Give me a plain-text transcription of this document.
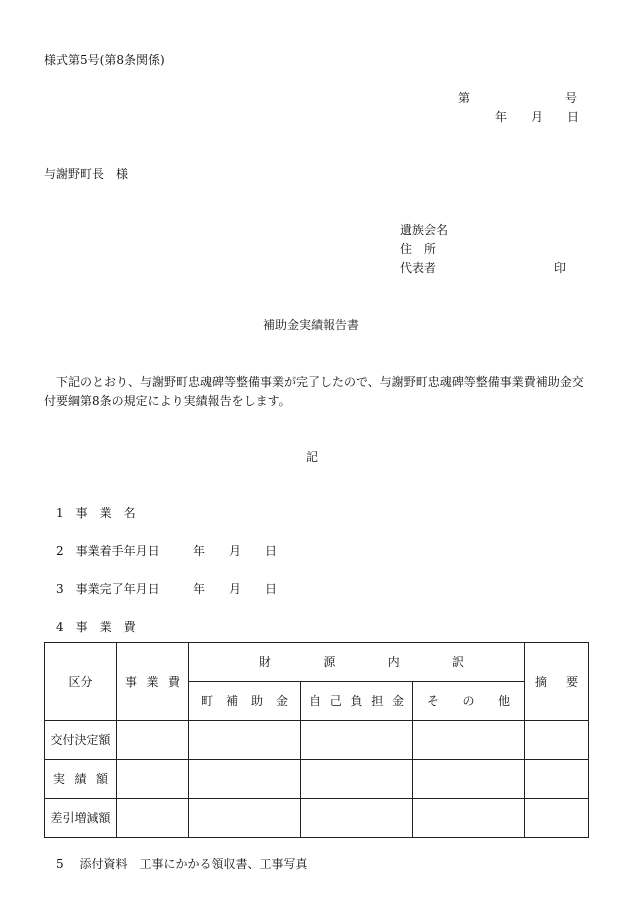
様式第5号(第8条関係)
第	号
年 月 日
与謝野町長　様
遺族会名
住　所
代表者	印
補助金実績報告書
下記のとおり、与謝野町忠魂碑等整備事業が完了したので、与謝野町忠魂碑等整備事業費補助金交
付要綱第8条の規定により実績報告をします。
記
1　事　業　名
2　事業着手年月日	年 月 日
3　事業完了年月日	年 月 日
4　事　業　費
区分	事 業 費	財 源 内 訳			摘 要

		町 補 助 金	自 己 負 担 金	そ の 他	

交付決定額					

実 績 額					

差引増減額					
5　 添付資料　工事にかかる領収書、工事写真
